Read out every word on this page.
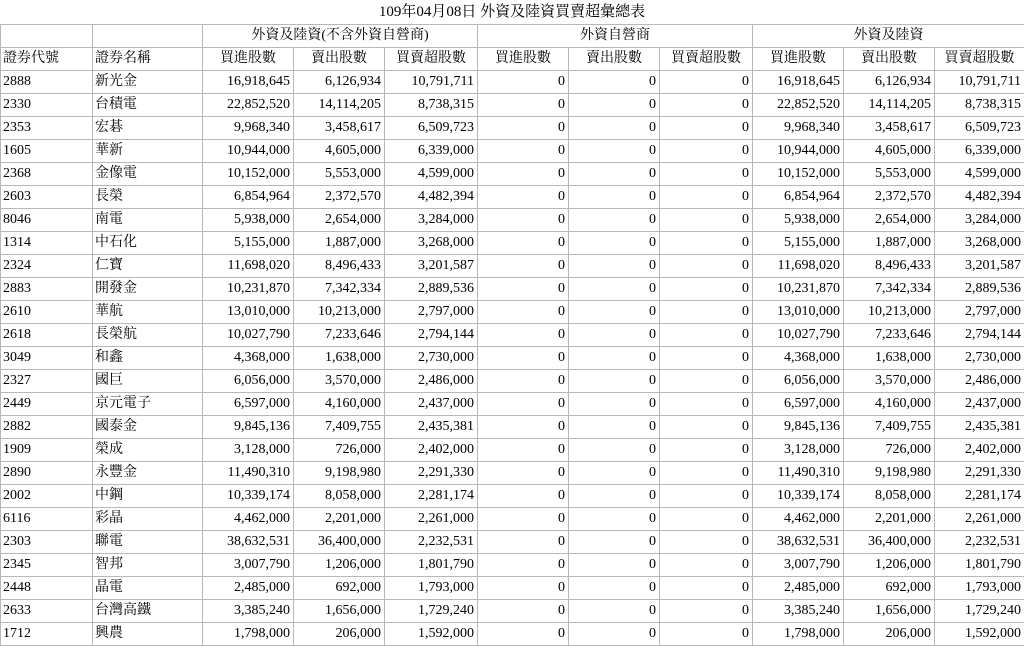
109年04月08日 外資及陸資買賣超彙總表
		外資及陸資(不含外資自營商)			外資自營商			外資及陸資		
證券代號	證券名稱	買進股數	賣出股數	買賣超股數	買進股數	賣出股數	買賣超股數	買進股數	賣出股數	買賣超股數
2888	新光金	16,918,645	6,126,934	10,791,711	0	0	0	16,918,645	6,126,934	10,791,711
2330	台積電	22,852,520	14,114,205	8,738,315	0	0	0	22,852,520	14,114,205	8,738,315
2353	宏碁	9,968,340	3,458,617	6,509,723	0	0	0	9,968,340	3,458,617	6,509,723
1605	華新	10,944,000	4,605,000	6,339,000	0	0	0	10,944,000	4,605,000	6,339,000
2368	金像電	10,152,000	5,553,000	4,599,000	0	0	0	10,152,000	5,553,000	4,599,000
2603	長榮	6,854,964	2,372,570	4,482,394	0	0	0	6,854,964	2,372,570	4,482,394
8046	南電	5,938,000	2,654,000	3,284,000	0	0	0	5,938,000	2,654,000	3,284,000
1314	中石化	5,155,000	1,887,000	3,268,000	0	0	0	5,155,000	1,887,000	3,268,000
2324	仁寶	11,698,020	8,496,433	3,201,587	0	0	0	11,698,020	8,496,433	3,201,587
2883	開發金	10,231,870	7,342,334	2,889,536	0	0	0	10,231,870	7,342,334	2,889,536
2610	華航	13,010,000	10,213,000	2,797,000	0	0	0	13,010,000	10,213,000	2,797,000
2618	長榮航	10,027,790	7,233,646	2,794,144	0	0	0	10,027,790	7,233,646	2,794,144
3049	和鑫	4,368,000	1,638,000	2,730,000	0	0	0	4,368,000	1,638,000	2,730,000
2327	國巨	6,056,000	3,570,000	2,486,000	0	0	0	6,056,000	3,570,000	2,486,000
2449	京元電子	6,597,000	4,160,000	2,437,000	0	0	0	6,597,000	4,160,000	2,437,000
2882	國泰金	9,845,136	7,409,755	2,435,381	0	0	0	9,845,136	7,409,755	2,435,381
1909	榮成	3,128,000	726,000	2,402,000	0	0	0	3,128,000	726,000	2,402,000
2890	永豐金	11,490,310	9,198,980	2,291,330	0	0	0	11,490,310	9,198,980	2,291,330
2002	中鋼	10,339,174	8,058,000	2,281,174	0	0	0	10,339,174	8,058,000	2,281,174
6116	彩晶	4,462,000	2,201,000	2,261,000	0	0	0	4,462,000	2,201,000	2,261,000
2303	聯電	38,632,531	36,400,000	2,232,531	0	0	0	38,632,531	36,400,000	2,232,531
2345	智邦	3,007,790	1,206,000	1,801,790	0	0	0	3,007,790	1,206,000	1,801,790
2448	晶電	2,485,000	692,000	1,793,000	0	0	0	2,485,000	692,000	1,793,000
2633	台灣高鐵	3,385,240	1,656,000	1,729,240	0	0	0	3,385,240	1,656,000	1,729,240
1712	興農	1,798,000	206,000	1,592,000	0	0	0	1,798,000	206,000	1,592,000
